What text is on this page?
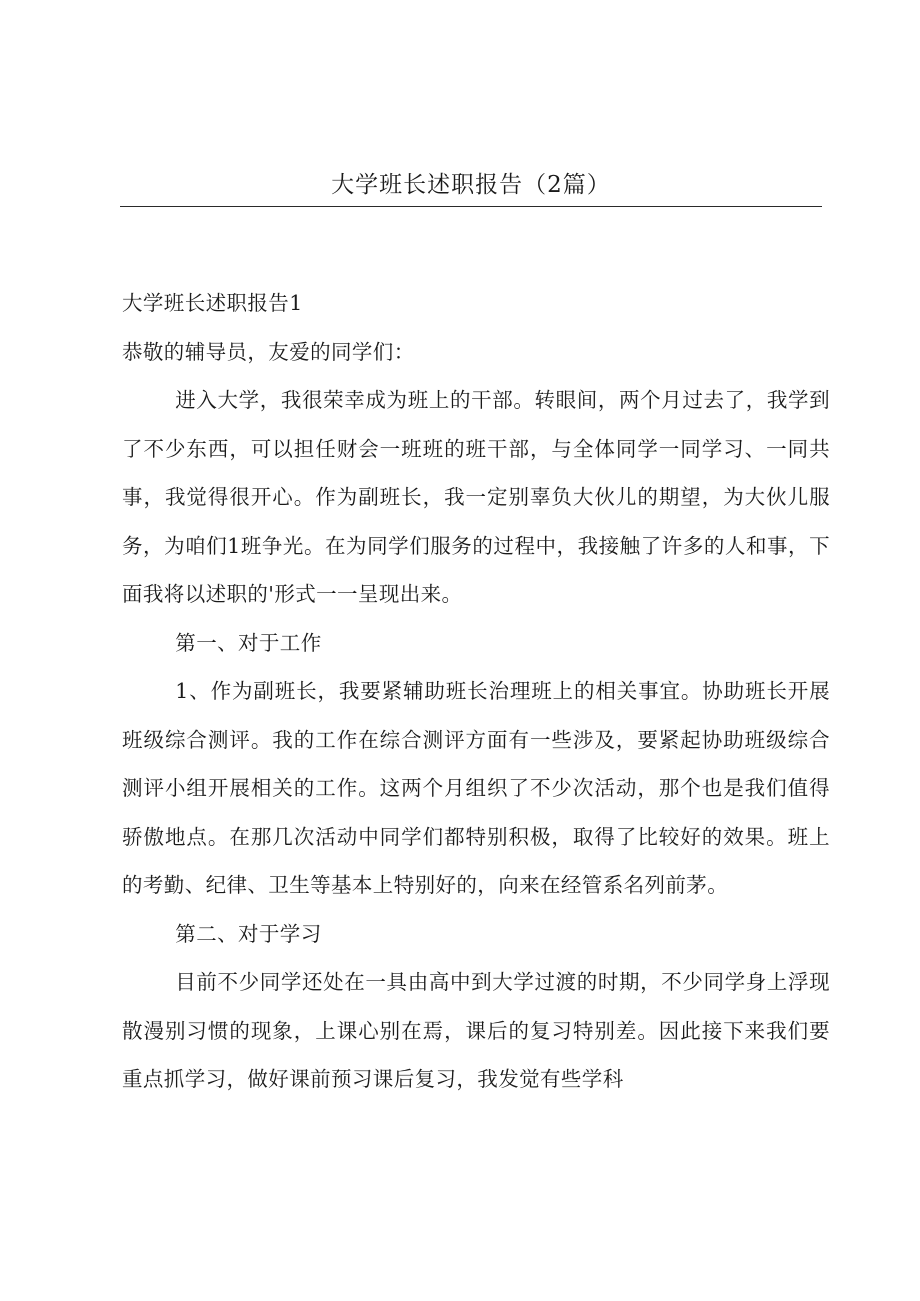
大学班长述职报告（2篇）

大学班长述职报告1

恭敬的辅导员，友爱的同学们：

进入大学，我很荣幸成为班上的干部。转眼间，两个月过去了，我学到了不少东西，可以担任财会一班班的班干部，与全体同学一同学习、一同共事，我觉得很开心。作为副班长，我一定别辜负大伙儿的期望，为大伙儿服务，为咱们1班争光。在为同学们服务的过程中，我接触了许多的人和事，下面我将以述职的'形式一一呈现出来。

第一、对于工作

1、作为副班长，我要紧辅助班长治理班上的相关事宜。协助班长开展班级综合测评。我的工作在综合测评方面有一些涉及，要紧起协助班级综合测评小组开展相关的工作。这两个月组织了不少次活动，那个也是我们值得骄傲地点。在那几次活动中同学们都特别积极，取得了比较好的效果。班上的考勤、纪律、卫生等基本上特别好的，向来在经管系名列前茅。

第二、对于学习

目前不少同学还处在一具由高中到大学过渡的时期，不少同学身上浮现散漫别习惯的现象，上课心别在焉，课后的复习特别差。因此接下来我们要重点抓学习，做好课前预习课后复习，我发觉有些学科
